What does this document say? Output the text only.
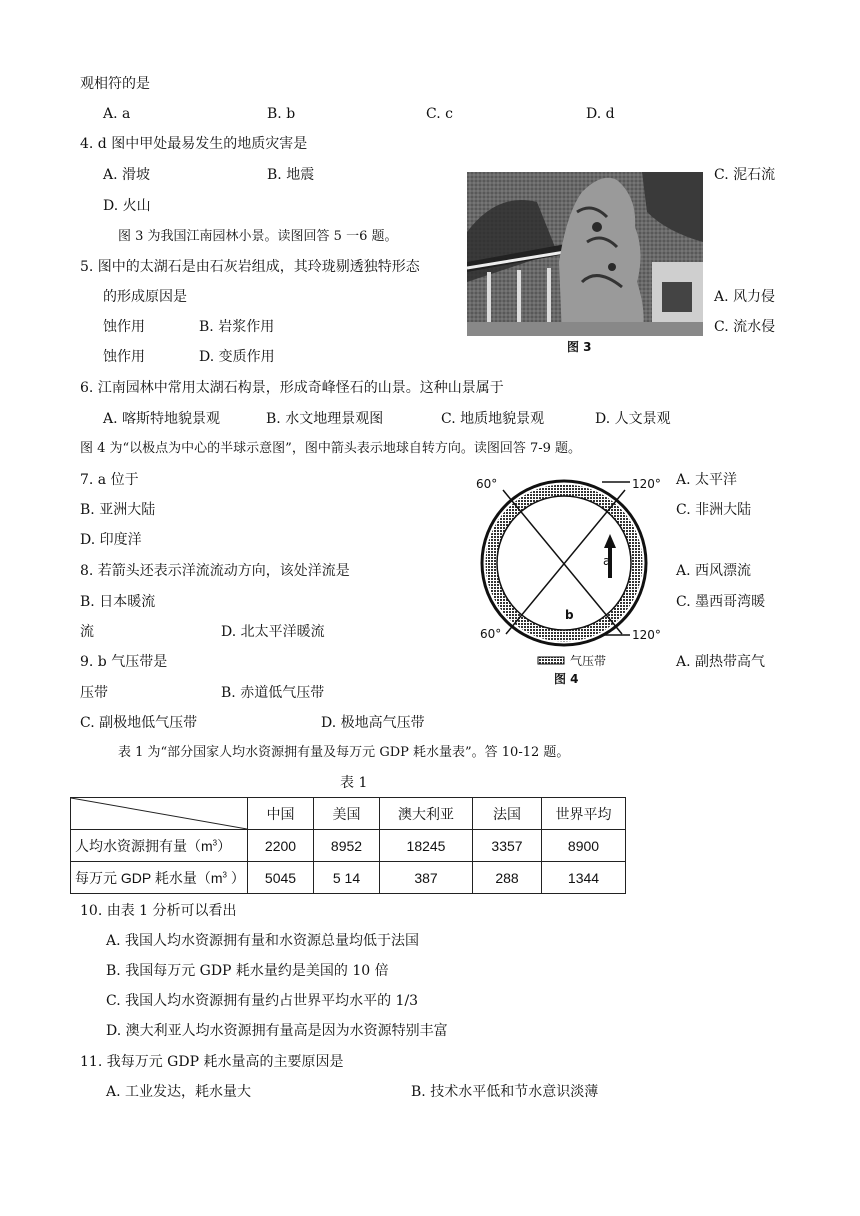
观相符的是
A. a	B. b	C. c	D. d
4. d 图中甲处最易发生的地质灾害是
A. 滑坡	B. 地震	C. 泥石流
D. 火山
图 3 为我国江南园林小景。读图回答 5 一6 题。
5. 图中的太湖石是由石灰岩组成，其玲珑剔透独特形态
的形成原因是	A. 风力侵
蚀作用	B. 岩浆作用	C. 流水侵
蚀作用	D. 变质作用
6. 江南园林中常用太湖石构景，形成奇峰怪石的山景。这种山景属于
A. 喀斯特地貌景观	B. 水文地理景观图	C. 地质地貌景观	D. 人文景观
图 4 为“以极点为中心的半球示意图”，图中箭头表示地球自转方向。读图回答 7-9 题。
7. a 位于	A. 太平洋
B. 亚洲大陆	C. 非洲大陆
D. 印度洋
8. 若箭头还表示洋流流动方向，该处洋流是	A. 西风漂流
B. 日本暖流	C. 墨西哥湾暖
流	D. 北太平洋暖流
9. b 气压带是	A. 副热带高气
压带	B. 赤道低气压带
C. 副极地低气压带	D. 极地高气压带
表 1 为“部分国家人均水资源拥有量及每万元 GDP 耗水量表”。答 10-12 题。
表 1
10. 由表 1 分析可以看出
A. 我国人均水资源拥有量和水资源总量均低于法国
B. 我国每万元 GDP 耗水量约是美国的 10 倍
C. 我国人均水资源拥有量约占世界平均水平的 1/3
D. 澳大利亚人均水资源拥有量高是因为水资源特别丰富
11. 我每万元 GDP 耗水量高的主要原因是
A. 工业发达，耗水量大	B. 技术水平低和节水意识淡薄
图 3
60°	120°
60°	120°
a
b
气压带
图 4
	中国	美国	澳大利亚	法国	世界平均
人均水资源拥有量$(m^3)$	2200	8952	18245	3357	8900
每万元 GDP 耗水量（$m^3$ ）	5045	5 14	387	288	1344
